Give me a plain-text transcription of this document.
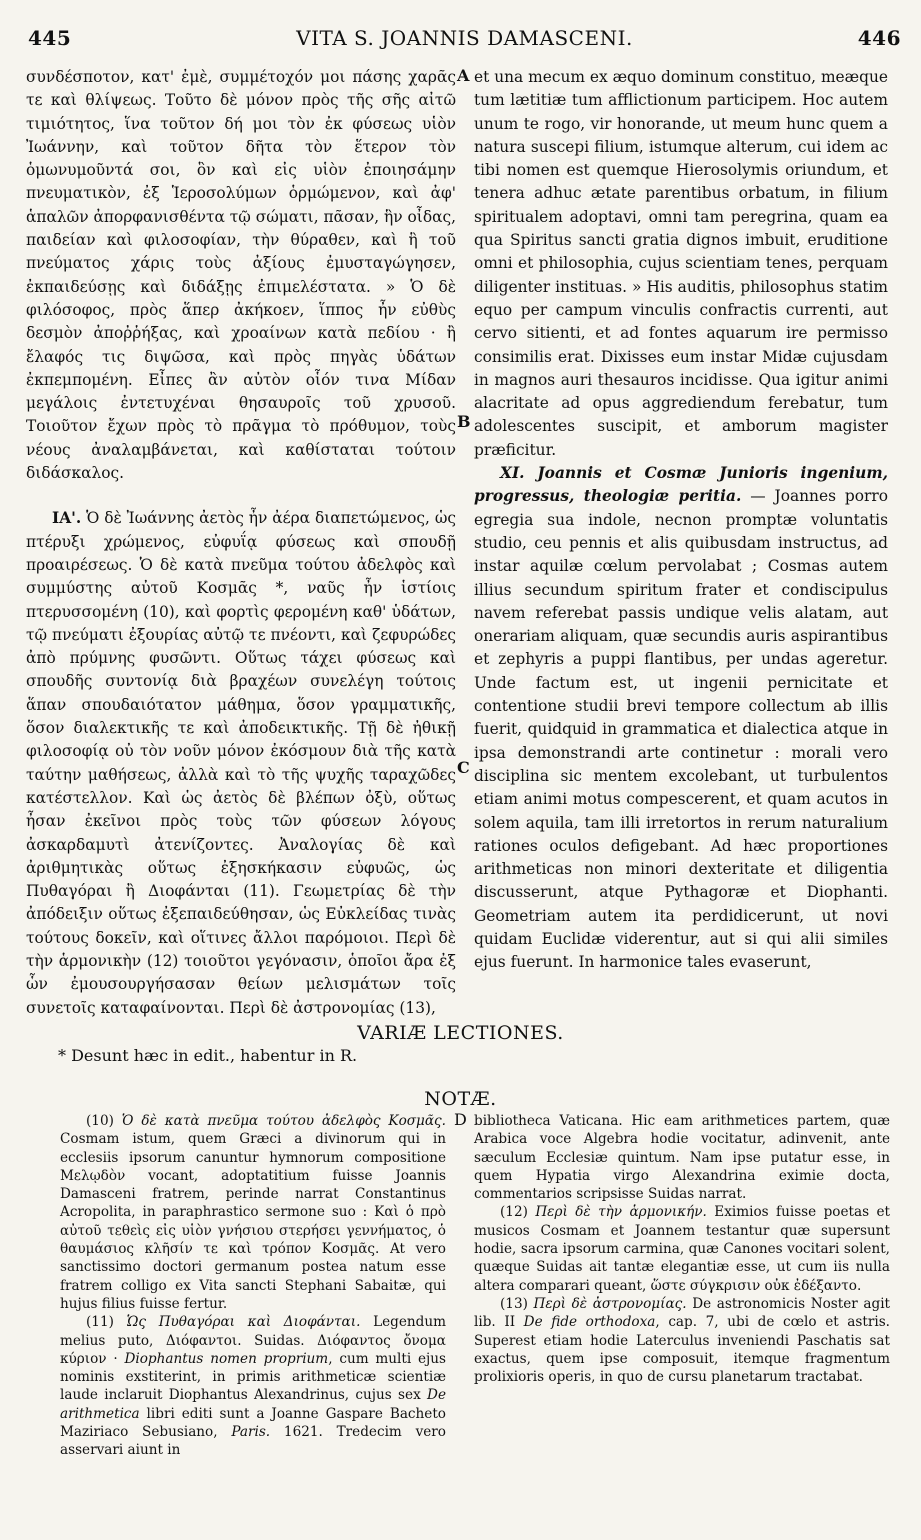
445	VITA S. JOANNIS DAMASCENI.	446

συνδέσποτον, κατ' ἐμὲ, συμμέτοχόν μοι πάσης χαρᾶς τε καὶ θλίψεως. Τοῦτο δὲ μόνον πρὸς τῆς σῆς αἰτῶ τιμιότητος, ἵνα τοῦτον δή μοι τὸν ἐκ φύσεως υἱὸν Ἰωάννην, καὶ τοῦτον δῆτα τὸν ἕτερον τὸν ὁμωνυμοῦντά σοι, ὃν καὶ εἰς υἱὸν ἐποιησάμην πνευματικὸν, ἐξ Ἱεροσολύμων ὁρμώμενον, καὶ ἀφ' ἁπαλῶν ἀπορφανισθέντα τῷ σώματι, πᾶσαν, ἣν οἶδας, παιδείαν καὶ φιλοσοφίαν, τὴν θύραθεν, καὶ ἣ τοῦ πνεύματος χάρις τοὺς ἀξίους ἐμυσταγώγησεν, ἐκπαιδεύσῃς καὶ διδάξῃς ἐπιμελέστατα. » Ὁ δὲ φιλόσοφος, πρὸς ἅπερ ἀκήκοεν, ἵππος ἦν εὐθὺς δεσμὸν ἀποῤῥήξας, καὶ χροαίνων κατὰ πεδίου · ἢ ἔλαφός τις διψῶσα, καὶ πρὸς πηγὰς ὑδάτων ἐκπεμπομένη. Εἶπες ἂν αὐτὸν οἷόν τινα Μίδαν μεγάλοις ἐντετυχέναι θησαυροῖς τοῦ χρυσοῦ. Τοιοῦτον ἔχων πρὸς τὸ πρᾶγμα τὸ πρόθυμον, τοὺς νέους ἀναλαμβάνεται, καὶ καθίσταται τούτοιν διδάσκαλος.

ΙΑ'. Ὁ δὲ Ἰωάννης ἀετὸς ἦν ἀέρα διαπετώμενος, ὡς πτέρυξι χρώμενος, εὐφυΐᾳ φύσεως καὶ σπουδῇ προαιρέσεως. Ὁ δὲ κατὰ πνεῦμα τούτου ἀδελφὸς καὶ συμμύστης αὐτοῦ Κοσμᾶς *, ναῦς ἦν ἱστίοις πτερυσσομένη (10), καὶ φορτὶς φερομένη καθ' ὑδάτων, τῷ πνεύματι ἐξουρίας αὐτῷ τε πνέοντι, καὶ ζεφυρώδες ἀπὸ πρύμνης φυσῶντι. Οὕτως τάχει φύσεως καὶ σπουδῆς συντονίᾳ διὰ βραχέων συνελέγη τούτοις ἅπαν σπουδαιότατον μάθημα, ὅσον γραμματικῆς, ὅσον διαλεκτικῆς τε καὶ ἀποδεικτικῆς. Τῇ δὲ ἠθικῇ φιλοσοφίᾳ οὐ τὸν νοῦν μόνον ἐκόσμουν διὰ τῆς κατὰ ταύτην μαθήσεως, ἀλλὰ καὶ τὸ τῆς ψυχῆς ταραχῶδες κατέστελλον. Καὶ ὡς ἀετὸς δὲ βλέπων ὀξὺ, οὕτως ἦσαν ἐκεῖνοι πρὸς τοὺς τῶν φύσεων λόγους ἀσκαρδαμυτὶ ἀτενίζοντες. Ἀναλογίας δὲ καὶ ἀριθμητικὰς οὕτως ἐξησκήκασιν εὐφυῶς, ὡς Πυθαγόραι ἢ Διοφάνται (11). Γεωμετρίας δὲ τὴν ἀπόδειξιν οὕτως ἐξεπαιδεύθησαν, ὡς Εὐκλείδας τινὰς τούτους δοκεῖν, καὶ οἵτινες ἄλλοι παρόμοιοι. Περὶ δὲ τὴν ἁρμονικὴν (12) τοιοῦτοι γεγόνασιν, ὁποῖοι ἄρα ἐξ ὧν ἐμουσουργήσασαν θείων μελισμάτων τοῖς συνετοῖς καταφαίνονται. Περὶ δὲ ἀστρονομίας (13),

A
B
C

et una mecum ex æquo dominum constituo, meæque tum lætitiæ tum afflictionum participem. Hoc autem unum te rogo, vir honorande, ut meum hunc quem a natura suscepi filium, istumque alterum, cui idem ac tibi nomen est quemque Hierosolymis oriundum, et tenera adhuc ætate parentibus orbatum, in filium spiritualem adoptavi, omni tam peregrina, quam ea qua Spiritus sancti gratia dignos imbuit, eruditione omni et philosophia, cujus scientiam tenes, perquam diligenter instituas. » His auditis, philosophus statim equo per campum vinculis confractis currenti, aut cervo sitienti, et ad fontes aquarum ire permisso consimilis erat. Dixisses eum instar Midæ cujusdam in magnos auri thesauros incidisse. Qua igitur animi alacritate ad opus aggrediendum ferebatur, tum adolescentes suscipit, et amborum magister præficitur.

XI. Joannis et Cosmæ Junioris ingenium, progressus, theologiæ peritia. — Joannes porro egregia sua indole, necnon promptæ voluntatis studio, ceu pennis et alis quibusdam instructus, ad instar aquilæ cœlum pervolabat ; Cosmas autem illius secundum spiritum frater et condiscipulus navem referebat passis undique velis alatam, aut onerariam aliquam, quæ secundis auris aspirantibus et zephyris a puppi flantibus, per undas ageretur. Unde factum est, ut ingenii pernicitate et contentione studii brevi tempore collectum ab illis fuerit, quidquid in grammatica et dialectica atque in ipsa demonstrandi arte continetur : morali vero disciplina sic mentem excolebant, ut turbulentos etiam animi motus compescerent, et quam acutos in solem aquila, tam illi irretortos in rerum naturalium rationes oculos defigebant. Ad hæc proportiones arithmeticas non minori dexteritate et diligentia discusserunt, atque Pythagoræ et Diophanti. Geometriam autem ita perdidicerunt, ut novi quidam Euclidæ viderentur, aut si qui alii similes ejus fuerunt. In harmonice tales evaserunt,

VARIÆ LECTIONES.
* Desunt hæc in edit., habentur in R.
NOTÆ.
D

(10) Ὁ δὲ κατὰ πνεῦμα τούτου ἀδελφὸς Κοσμᾶς. Cosmam istum, quem Græci a divinorum qui in ecclesiis ipsorum canuntur hymnorum compositione Μελῳδὸν vocant, adoptatitium fuisse Joannis Damasceni fratrem, perinde narrat Constantinus Acropolita, in paraphrastico sermone suo : Καὶ ὁ πρὸ αὐτοῦ τεθεὶς εἰς υἱὸν γνήσιου στερήσει γεννήματος, ὁ θαυμάσιος κλῆσίν τε καὶ τρόπον Κοσμᾶς. At vero sanctissimo doctori germanum postea natum esse fratrem colligo ex Vita sancti Stephani Sabaitæ, qui hujus filius fuisse fertur.

(11) Ὡς Πυθαγόραι καὶ Διοφάνται. Legendum melius puto, Διόφαντοι. Suidas. Διόφαντος ὄνομα κύριον · Diophantus nomen proprium, cum multi ejus nominis exstiterint, in primis arithmeticæ scientiæ laude inclaruit Diophantus Alexandrinus, cujus sex De arithmetica libri editi sunt a Joanne Gaspare Bacheto Maziriaco Sebusiano, Paris. 1621. Tredecim vero asservari aiunt in

bibliotheca Vaticana. Hic eam arithmetices partem, quæ Arabica voce Algebra hodie vocitatur, adinvenit, ante sæculum Ecclesiæ quintum. Nam ipse putatur esse, in quem Hypatia virgo Alexandrina eximie docta, commentarios scripsisse Suidas narrat.

(12) Περὶ δὲ τὴν ἁρμονικήν. Eximios fuisse poetas et musicos Cosmam et Joannem testantur quæ supersunt hodie, sacra ipsorum carmina, quæ Canones vocitari solent, quæque Suidas ait tantæ elegantiæ esse, ut cum iis nulla altera comparari queant, ὥστε σύγκρισιν οὐκ ἐδέξαντο.

(13) Περὶ δὲ ἀστρονομίας. De astronomicis Noster agit lib. II De fide orthodoxa, cap. 7, ubi de cœlo et astris. Superest etiam hodie Laterculus inveniendi Paschatis sat exactus, quem ipse composuit, itemque fragmentum prolixioris operis, in quo de cursu planetarum tractabat.
